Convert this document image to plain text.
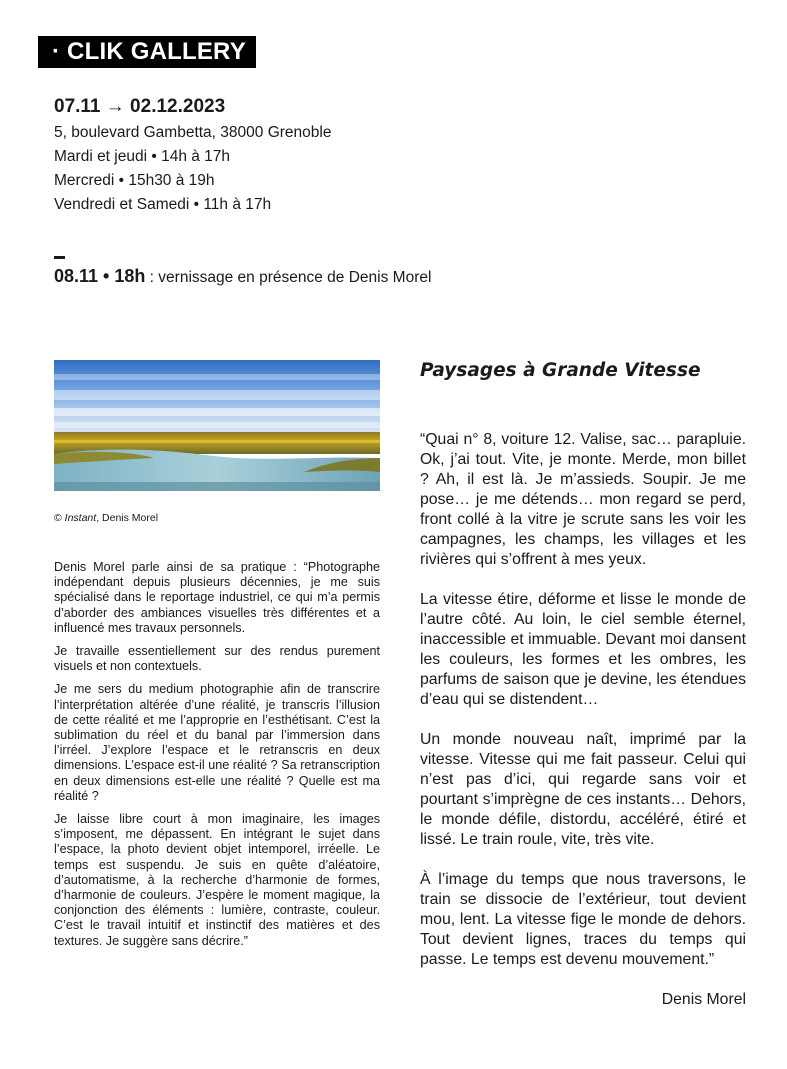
· CLIK GALLERY
07.11 → 02.12.2023
5, boulevard Gambetta, 38000 Grenoble
Mardi et jeudi • 14h à 17h
Mercredi • 15h30 à 19h
Vendredi et Samedi • 11h à 17h
08.11 • 18h : vernissage en présence de Denis Morel
© Instant, Denis Morel

Denis Morel parle ainsi de sa pratique : “Photographe indépendant depuis plusieurs décennies, je me suis spécialisé dans le reportage industriel, ce qui m’a permis d’aborder des ambiances visuelles très différentes et a influencé mes travaux personnels.

Je travaille essentiellement sur des rendus purement visuels et non contextuels.

Je me sers du medium photographie afin de transcrire l’interprétation altérée d’une réalité, je transcris l’illusion de cette réalité et me l’approprie en l’esthétisant. C’est la sublimation du réel et du banal par l’immersion dans l’irréel. J’explore l’espace et le retranscris en deux dimensions. L’espace est-il une réalité ? Sa retranscription en deux dimensions est-elle une réalité ? Quelle est ma réalité ?

Je laisse libre court à mon imaginaire, les images s’imposent, me dépassent. En intégrant le sujet dans l’espace, la photo devient objet intemporel, irréelle. Le temps est suspendu. Je suis en quête d’aléatoire, d’automatisme, à la recherche d’harmonie de formes, d’harmonie de couleurs. J’espère le moment magique, la conjonction des éléments : lumière, contraste, couleur. C’est le travail intuitif et instinctif des matières et des textures. Je suggère sans décrire.”

Paysages à Grande Vitesse

“Quai n° 8, voiture 12. Valise, sac… parapluie. Ok, j’ai tout. Vite, je monte. Merde, mon billet ? Ah, il est là. Je m’assieds. Soupir. Je me pose… je me détends… mon regard se perd, front collé à la vitre je scrute sans les voir les campagnes, les champs, les villages et les rivières qui s’offrent à mes yeux.

La vitesse étire, déforme et lisse le monde de l’autre côté. Au loin, le ciel semble éternel, inaccessible et immuable. Devant moi dansent les couleurs, les formes et les ombres, les parfums de saison que je devine, les étendues d’eau qui se distendent…

Un monde nouveau naît, imprimé par la vitesse. Vitesse qui me fait passeur. Celui qui n’est pas d’ici, qui regarde sans voir et pourtant s’imprègne de ces instants… Dehors, le monde défile, distordu, accéléré, étiré et lissé. Le train roule, vite, très vite.

À l’image du temps que nous traversons, le train se dissocie de l’extérieur, tout devient mou, lent. La vitesse fige le monde de dehors. Tout devient lignes, traces du temps qui passe. Le temps est devenu mouvement.”

Denis Morel
